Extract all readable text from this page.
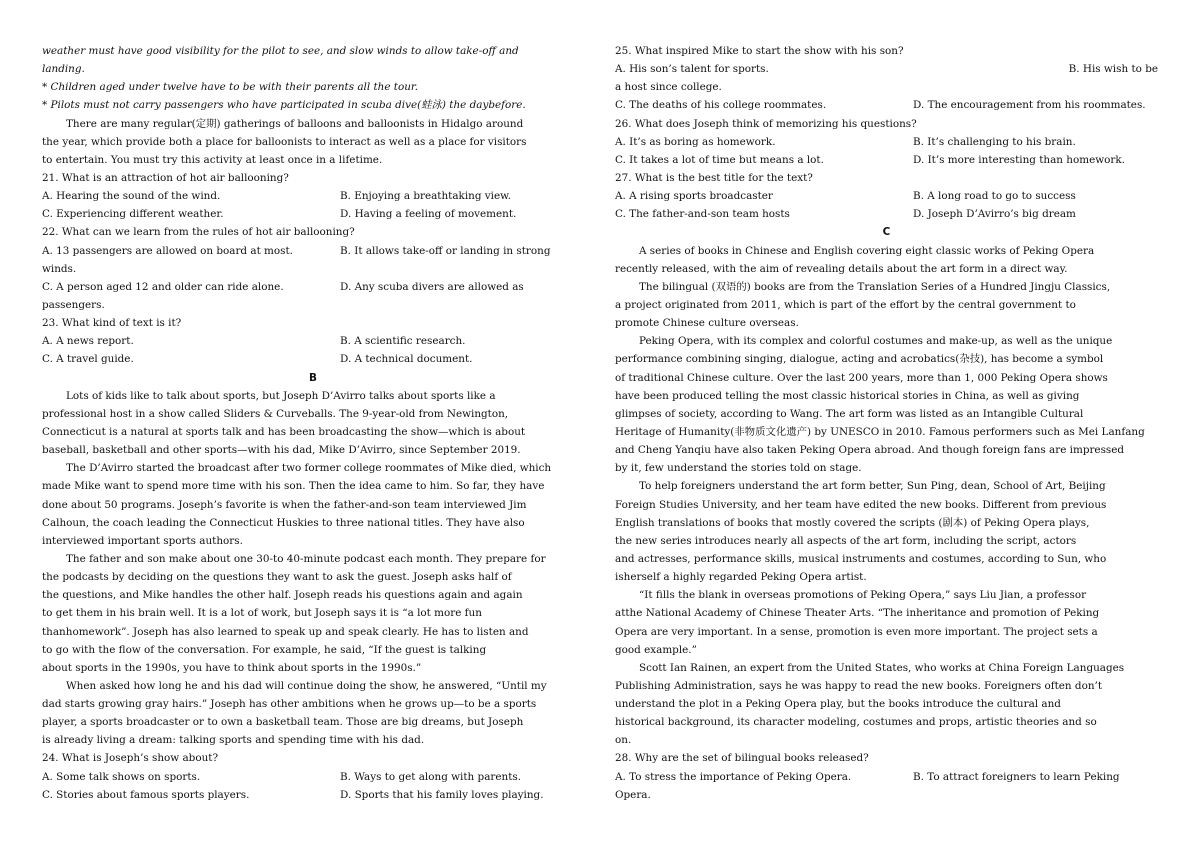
weather must have good visibility for the pilot to see, and slow winds to allow take-off and
landing.
* Children aged under twelve have to be with their parents all the tour.
* Pilots must not carry passengers who have participated in scuba dive(蛙泳) the daybefore.
There are many regular(定期) gatherings of balloons and balloonists in Hidalgo around
the year, which provide both a place for balloonists to interact as well as a place for visitors
to entertain. You must try this activity at least once in a lifetime.
21. What is an attraction of hot air ballooning?
A. Hearing the sound of the wind.	B. Enjoying a breathtaking view.
C. Experiencing different weather.	D. Having a feeling of movement.
22. What can we learn from the rules of hot air ballooning?
A. 13 passengers are allowed on board at most.	B. It allows take-off or landing in strong
winds.
C. A person aged 12 and older can ride alone.	D. Any scuba divers are allowed as
passengers.
23. What kind of text is it?
A. A news report.	B. A scientific research.
C. A travel guide.	D. A technical document.
B
Lots of kids like to talk about sports, but Joseph D’Avirro talks about sports like a
professional host in a show called Sliders & Curveballs. The 9-year-old from Newington,
Connecticut is a natural at sports talk and has been broadcasting the show—which is about
baseball, basketball and other sports—with his dad, Mike D’Avirro, since September 2019.
The D’Avirro started the broadcast after two former college roommates of Mike died, which
made Mike want to spend more time with his son. Then the idea came to him. So far, they have
done about 50 programs. Joseph’s favorite is when the father-and-son team interviewed Jim
Calhoun, the coach leading the Connecticut Huskies to three national titles. They have also
interviewed important sports authors.
The father and son make about one 30-to 40-minute podcast each month. They prepare for
the podcasts by deciding on the questions they want to ask the guest. Joseph asks half of
the questions, and Mike handles the other half. Joseph reads his questions again and again
to get them in his brain well. It is a lot of work, but Joseph says it is “a lot more fun
thanhomework”. Joseph has also learned to speak up and speak clearly. He has to listen and
to go with the flow of the conversation. For example, he said, “If the guest is talking
about sports in the 1990s, you have to think about sports in the 1990s.”
When asked how long he and his dad will continue doing the show, he answered, “Until my
dad starts growing gray hairs.” Joseph has other ambitions when he grows up—to be a sports
player, a sports broadcaster or to own a basketball team. Those are big dreams, but Joseph
is already living a dream: talking sports and spending time with his dad.
24. What is Joseph’s show about?
A. Some talk shows on sports.	B. Ways to get along with parents.
C. Stories about famous sports players.	D. Sports that his family loves playing.
25. What inspired Mike to start the show with his son?
A. His son’s talent for sports.	B. His wish to be
a host since college.
C. The deaths of his college roommates.	D. The encouragement from his roommates.
26. What does Joseph think of memorizing his questions?
A. It’s as boring as homework.	B. It’s challenging to his brain.
C. It takes a lot of time but means a lot.	D. It’s more interesting than homework.
27. What is the best title for the text?
A. A rising sports broadcaster	B. A long road to go to success
C. The father-and-son team hosts	D. Joseph D’Avirro’s big dream
C
A series of books in Chinese and English covering eight classic works of Peking Opera
recently released, with the aim of revealing details about the art form in a direct way.
The bilingual (双语的) books are from the Translation Series of a Hundred Jingju Classics,
a project originated from 2011, which is part of the effort by the central government to
promote Chinese culture overseas.
Peking Opera, with its complex and colorful costumes and make-up, as well as the unique
performance combining singing, dialogue, acting and acrobatics(杂技), has become a symbol
of traditional Chinese culture. Over the last 200 years, more than 1, 000 Peking Opera shows
have been produced telling the most classic historical stories in China, as well as giving
glimpses of society, according to Wang. The art form was listed as an Intangible Cultural
Heritage of Humanity(非物质文化遗产) by UNESCO in 2010. Famous performers such as Mei Lanfang
and Cheng Yanqiu have also taken Peking Opera abroad. And though foreign fans are impressed
by it, few understand the stories told on stage.
To help foreigners understand the art form better, Sun Ping, dean, School of Art, Beijing
Foreign Studies University, and her team have edited the new books. Different from previous
English translations of books that mostly covered the scripts (剧本) of Peking Opera plays,
the new series introduces nearly all aspects of the art form, including the script, actors
and actresses, performance skills, musical instruments and costumes, according to Sun, who
isherself a highly regarded Peking Opera artist.
“It fills the blank in overseas promotions of Peking Opera,” says Liu Jian, a professor
atthe National Academy of Chinese Theater Arts. “The inheritance and promotion of Peking
Opera are very important. In a sense, promotion is even more important. The project sets a
good example.”
Scott Ian Rainen, an expert from the United States, who works at China Foreign Languages
Publishing Administration, says he was happy to read the new books. Foreigners often don’t
understand the plot in a Peking Opera play, but the books introduce the cultural and
historical background, its character modeling, costumes and props, artistic theories and so
on.
28. Why are the set of bilingual books released?
A. To stress the importance of Peking Opera.	B. To attract foreigners to learn Peking
Opera.
